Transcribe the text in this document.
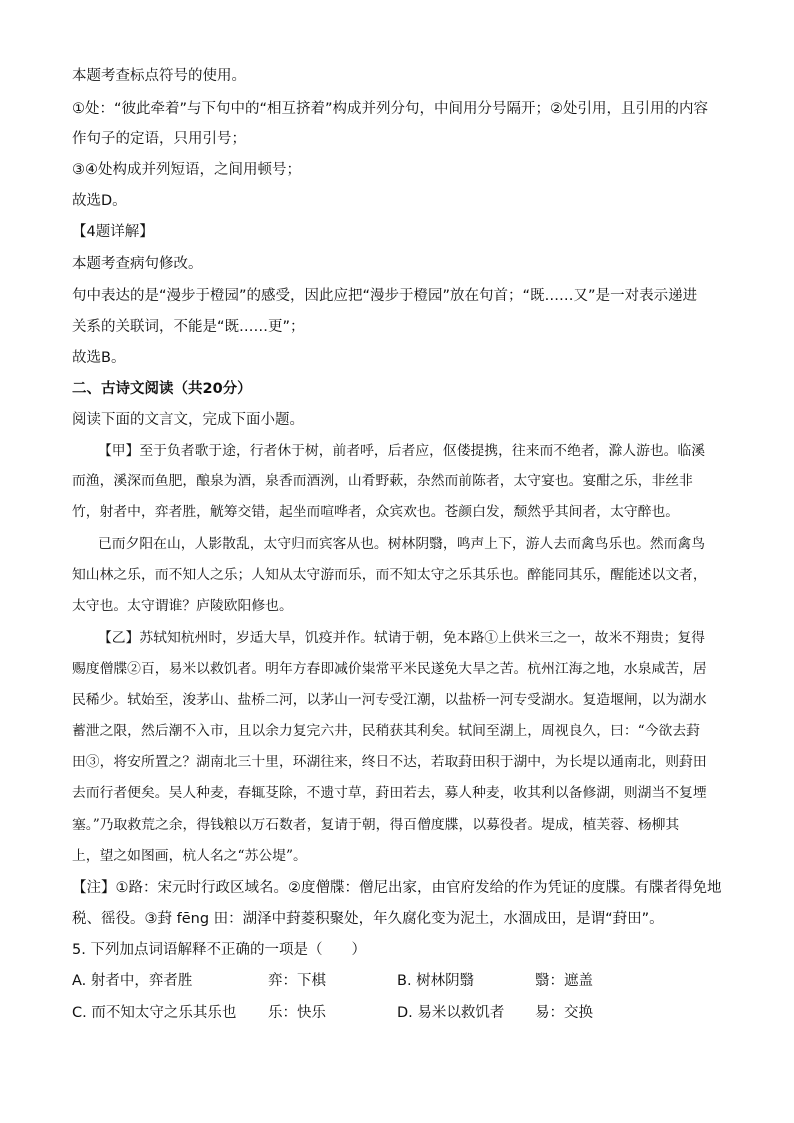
本题考查标点符号的使用。
①处：“彼此牵着”与下句中的“相互挤着”构成并列分句，中间用分号隔开；②处引用，且引用的内容
作句子的定语，只用引号；
③④处构成并列短语，之间用顿号；
故选D。
【4题详解】
本题考查病句修改。
句中表达的是“漫步于橙园”的感受，因此应把“漫步于橙园”放在句首；“既……又”是一对表示递进
关系的关联词，不能是“既……更”；
故选B。
二、古诗文阅读（共20分）
阅读下面的文言文，完成下面小题。
【甲】至于负者歌于途，行者休于树，前者呼，后者应，伛偻提携，往来而不绝者，滁人游也。临溪
而渔，溪深而鱼肥，酿泉为酒，泉香而酒洌，山肴野蔌，杂然而前陈者，太守宴也。宴酣之乐，非丝非
竹，射者中，弈者胜，觥筹交错，起坐而喧哗者，众宾欢也。苍颜白发，颓然乎其间者，太守醉也。
已而夕阳在山，人影散乱，太守归而宾客从也。树林阴翳，鸣声上下，游人去而禽鸟乐也。然而禽鸟
知山林之乐，而不知人之乐；人知从太守游而乐，而不知太守之乐其乐也。醉能同其乐，醒能述以文者，
太守也。太守谓谁？庐陵欧阳修也。
【乙】苏轼知杭州时，岁适大旱，饥疫并作。轼请于朝，免本路①上供米三之一，故米不翔贵；复得
赐度僧牒②百，易米以救饥者。明年方春即减价粜常平米民遂免大旱之苦。杭州江海之地，水泉咸苦，居
民稀少。轼始至，浚茅山、盐桥二河，以茅山一河专受江潮，以盐桥一河专受湖水。复造堰闸，以为湖水
蓄泄之限，然后潮不入市，且以余力复完六井，民稍获其利矣。轼间至湖上，周视良久，曰：“今欲去葑
田③，将安所置之？湖南北三十里，环湖往来，终日不达，若取葑田积于湖中，为长堤以通南北，则葑田
去而行者便矣。吴人种麦，春辄芟除，不遗寸草，葑田若去，募人种麦，收其利以备修湖，则湖当不复堙
塞。”乃取救荒之余，得钱粮以万石数者，复请于朝，得百僧度牒，以募役者。堤成，植芙蓉、杨柳其
上，望之如图画，杭人名之“苏公堤”。
【注】①路：宋元时行政区域名。②度僧牒：僧尼出家，由官府发给的作为凭证的度牒。有牒者得免地
税、徭役。③葑 fēng 田：湖泽中葑菱积聚处，年久腐化变为泥土，水涸成田，是谓“葑田”。
5. 下列加点词语解释不正确的一项是（　　）
A. 射者中，弈者胜	弈：下棋	B. 树林阴翳	翳：遮盖
C. 而不知太守之乐其乐也 乐：快乐	D. 易米以救饥者 易：交换
